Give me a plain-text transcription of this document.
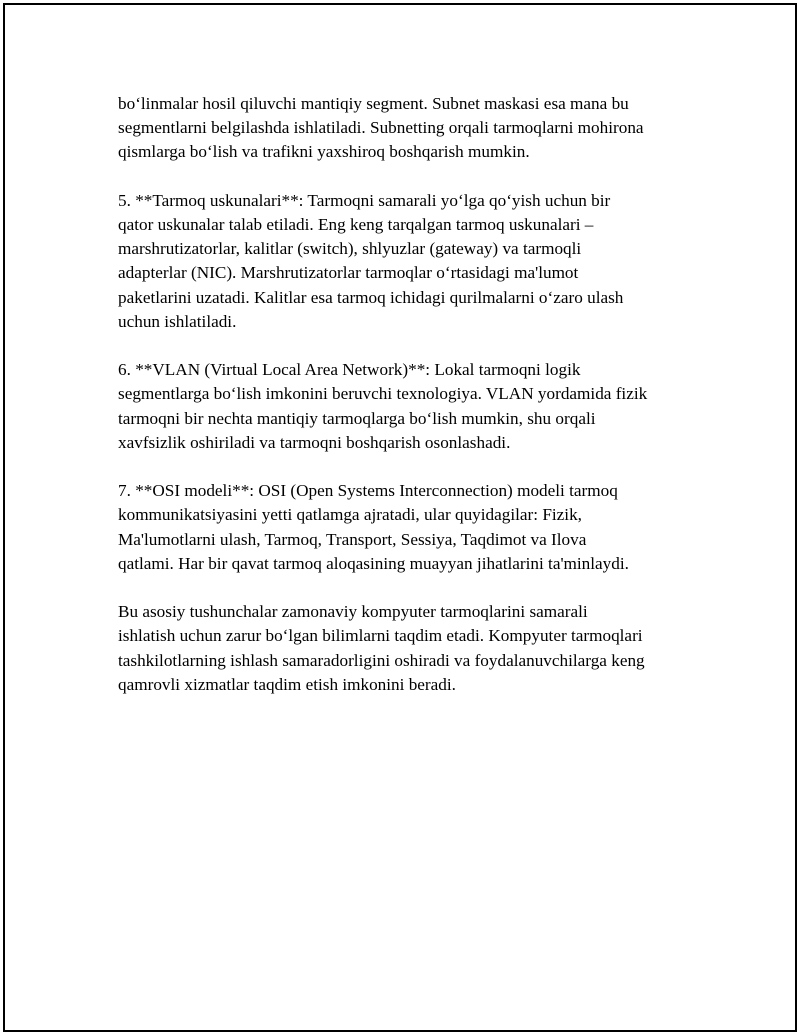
bo‘linmalar hosil qiluvchi mantiqiy segment. Subnet maskasi esa mana bu
segmentlarni belgilashda ishlatiladi. Subnetting orqali tarmoqlarni mohirona
qismlarga bo‘lish va trafikni yaxshiroq boshqarish mumkin.

5. **Tarmoq uskunalari**: Tarmoqni samarali yo‘lga qo‘yish uchun bir
qator uskunalar talab etiladi. Eng keng tarqalgan tarmoq uskunalari –
marshrutizatorlar, kalitlar (switch), shlyuzlar (gateway) va tarmoqli
adapterlar (NIC). Marshrutizatorlar tarmoqlar o‘rtasidagi ma'lumot
paketlarini uzatadi. Kalitlar esa tarmoq ichidagi qurilmalarni o‘zaro ulash
uchun ishlatiladi.

6. **VLAN (Virtual Local Area Network)**: Lokal tarmoqni logik
segmentlarga bo‘lish imkonini beruvchi texnologiya. VLAN yordamida fizik
tarmoqni bir nechta mantiqiy tarmoqlarga bo‘lish mumkin, shu orqali
xavfsizlik oshiriladi va tarmoqni boshqarish osonlashadi.

7. **OSI modeli**: OSI (Open Systems Interconnection) modeli tarmoq
kommunikatsiyasini yetti qatlamga ajratadi, ular quyidagilar: Fizik,
Ma'lumotlarni ulash, Tarmoq, Transport, Sessiya, Taqdimot va Ilova
qatlami. Har bir qavat tarmoq aloqasining muayyan jihatlarini ta'minlaydi.

Bu asosiy tushunchalar zamonaviy kompyuter tarmoqlarini samarali
ishlatish uchun zarur bo‘lgan bilimlarni taqdim etadi. Kompyuter tarmoqlari
tashkilotlarning ishlash samaradorligini oshiradi va foydalanuvchilarga keng
qamrovli xizmatlar taqdim etish imkonini beradi.
